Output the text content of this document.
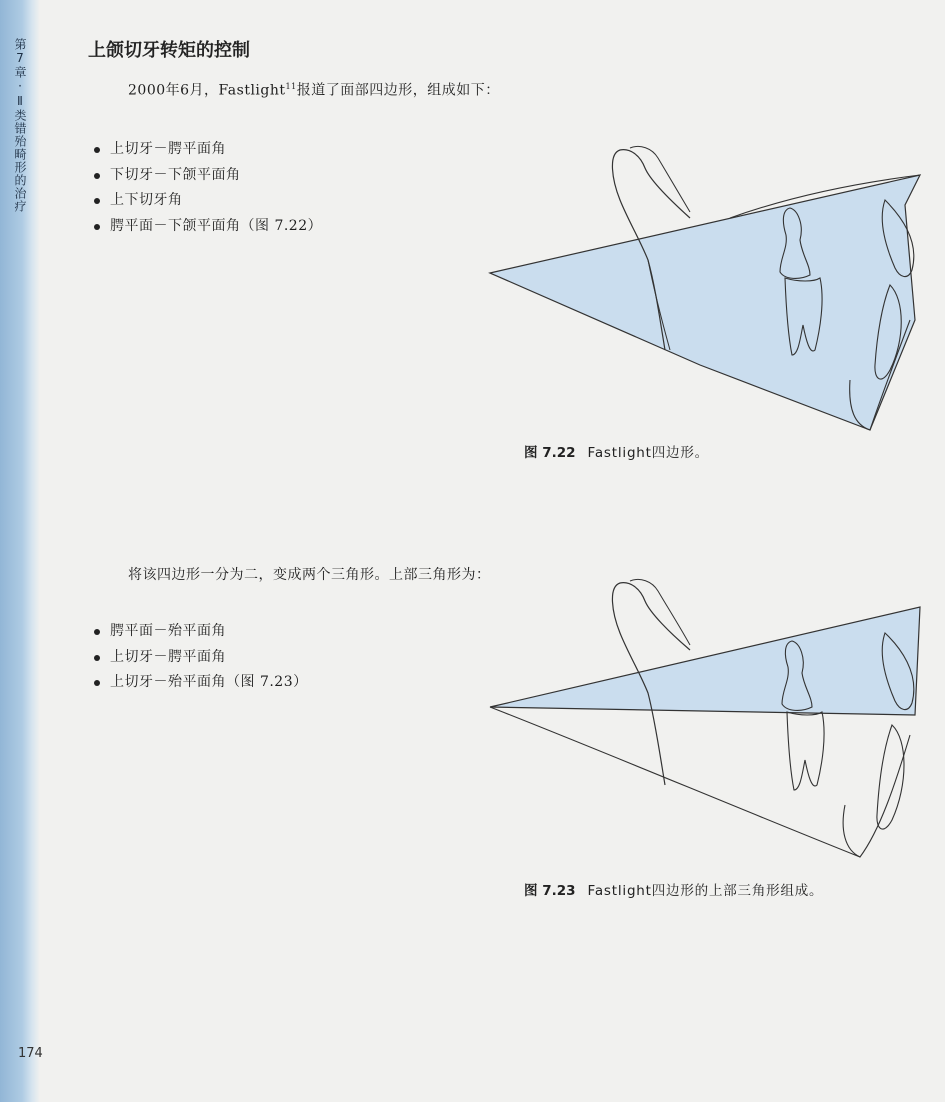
第7章·Ⅱ类错殆畸形的治疗
174
上颌切牙转矩的控制
2000年6月，Fastlight$^{11}$报道了面部四边形，组成如下：
上切牙－腭平面角
下切牙－下颌平面角
上下切牙角
腭平面－下颌平面角（图 7.22）
图 7.22 Fastlight四边形。
将该四边形一分为二，变成两个三角形。上部三角形为：
腭平面－殆平面角
上切牙－腭平面角
上切牙－殆平面角（图 7.23）
图 7.23 Fastlight四边形的上部三角形组成。
